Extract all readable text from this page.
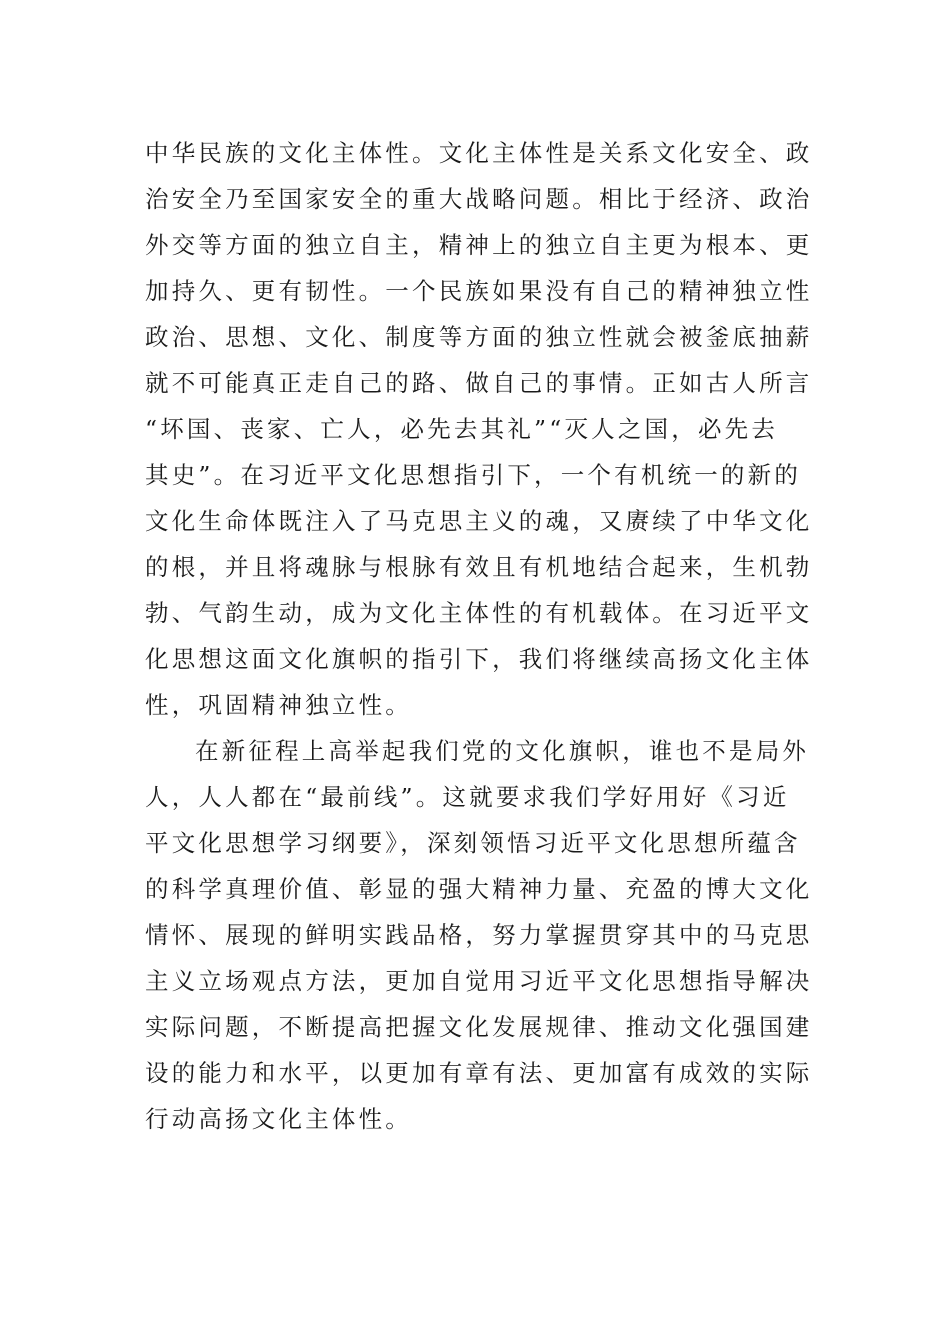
中华民族的文化主体性。文化主体性是关系文化安全、政
治安全乃至国家安全的重大战略问题。相比于经济、政治
外交等方面的独立自主，精神上的独立自主更为根本、更
加持久、更有韧性。一个民族如果没有自己的精神独立性
政治、思想、文化、制度等方面的独立性就会被釜底抽薪
就不可能真正走自己的路、做自己的事情。正如古人所言
“坏国、丧家、亡人，必先去其礼”“灭人之国，必先去
其史”。在习近平文化思想指引下，一个有机统一的新的
文化生命体既注入了马克思主义的魂，又赓续了中华文化
的根，并且将魂脉与根脉有效且有机地结合起来，生机勃
勃、气韵生动，成为文化主体性的有机载体。在习近平文
化思想这面文化旗帜的指引下，我们将继续高扬文化主体
性，巩固精神独立性。
在新征程上高举起我们党的文化旗帜，谁也不是局外
人，人人都在“最前线”。这就要求我们学好用好《习近
平文化思想学习纲要》，深刻领悟习近平文化思想所蕴含
的科学真理价值、彰显的强大精神力量、充盈的博大文化
情怀、展现的鲜明实践品格，努力掌握贯穿其中的马克思
主义立场观点方法，更加自觉用习近平文化思想指导解决
实际问题，不断提高把握文化发展规律、推动文化强国建
设的能力和水平，以更加有章有法、更加富有成效的实际
行动高扬文化主体性。
